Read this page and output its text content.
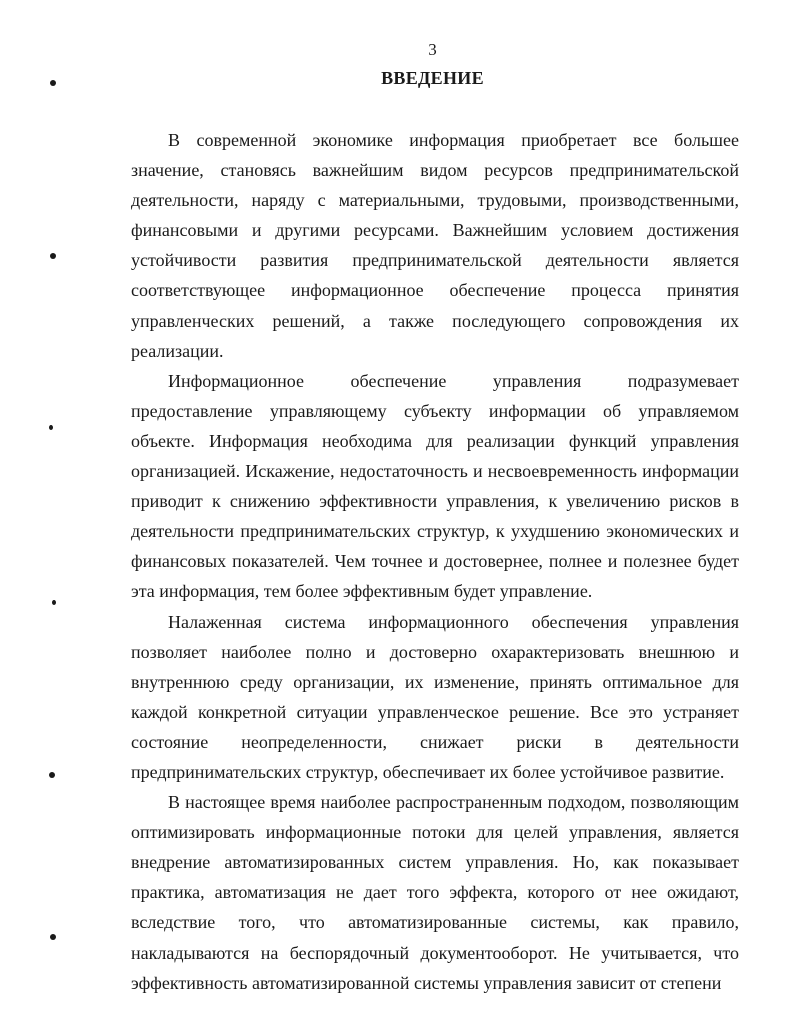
3
ВВЕДЕНИЕ

В современной экономике информация приобретает все большее значение, становясь важнейшим видом ресурсов предпринимательской деятельности, наряду с материальными, трудовыми, производственными, финансовыми и другими ресурсами. Важнейшим условием достижения устойчивости развития предпринимательской деятельности является соответствующее информационное обеспечение процесса принятия управленческих решений, а также последующего сопровождения их реализации.

Информационное обеспечение управления подразумевает предоставление управляющему субъекту информации об управляемом объекте. Информация необходима для реализации функций управления организацией. Искажение, недостаточность и несвоевременность информации приводит к снижению эффективности управления, к увеличению рисков в деятельности предпринимательских структур, к ухудшению экономических и финансовых показателей. Чем точнее и достовернее, полнее и полезнее будет эта информация, тем более эффективным будет управление.

Налаженная система информационного обеспечения управления позволяет наиболее полно и достоверно охарактеризовать внешнюю и внутреннюю среду организации, их изменение, принять оптимальное для каждой конкретной ситуации управленческое решение. Все это устраняет состояние неопределенности, снижает риски в деятельности предпринимательских структур, обеспечивает их более устойчивое развитие.

В настоящее время наиболее распространенным подходом, позволяющим оптимизировать информационные потоки для целей управления, является внедрение автоматизированных систем управления. Но, как показывает практика, автоматизация не дает того эффекта, которого от нее ожидают, вследствие того, что автоматизированные системы, как правило, накладываются на беспорядочный документооборот. Не учитывается, что эффективность автоматизированной системы управления зависит от степени
